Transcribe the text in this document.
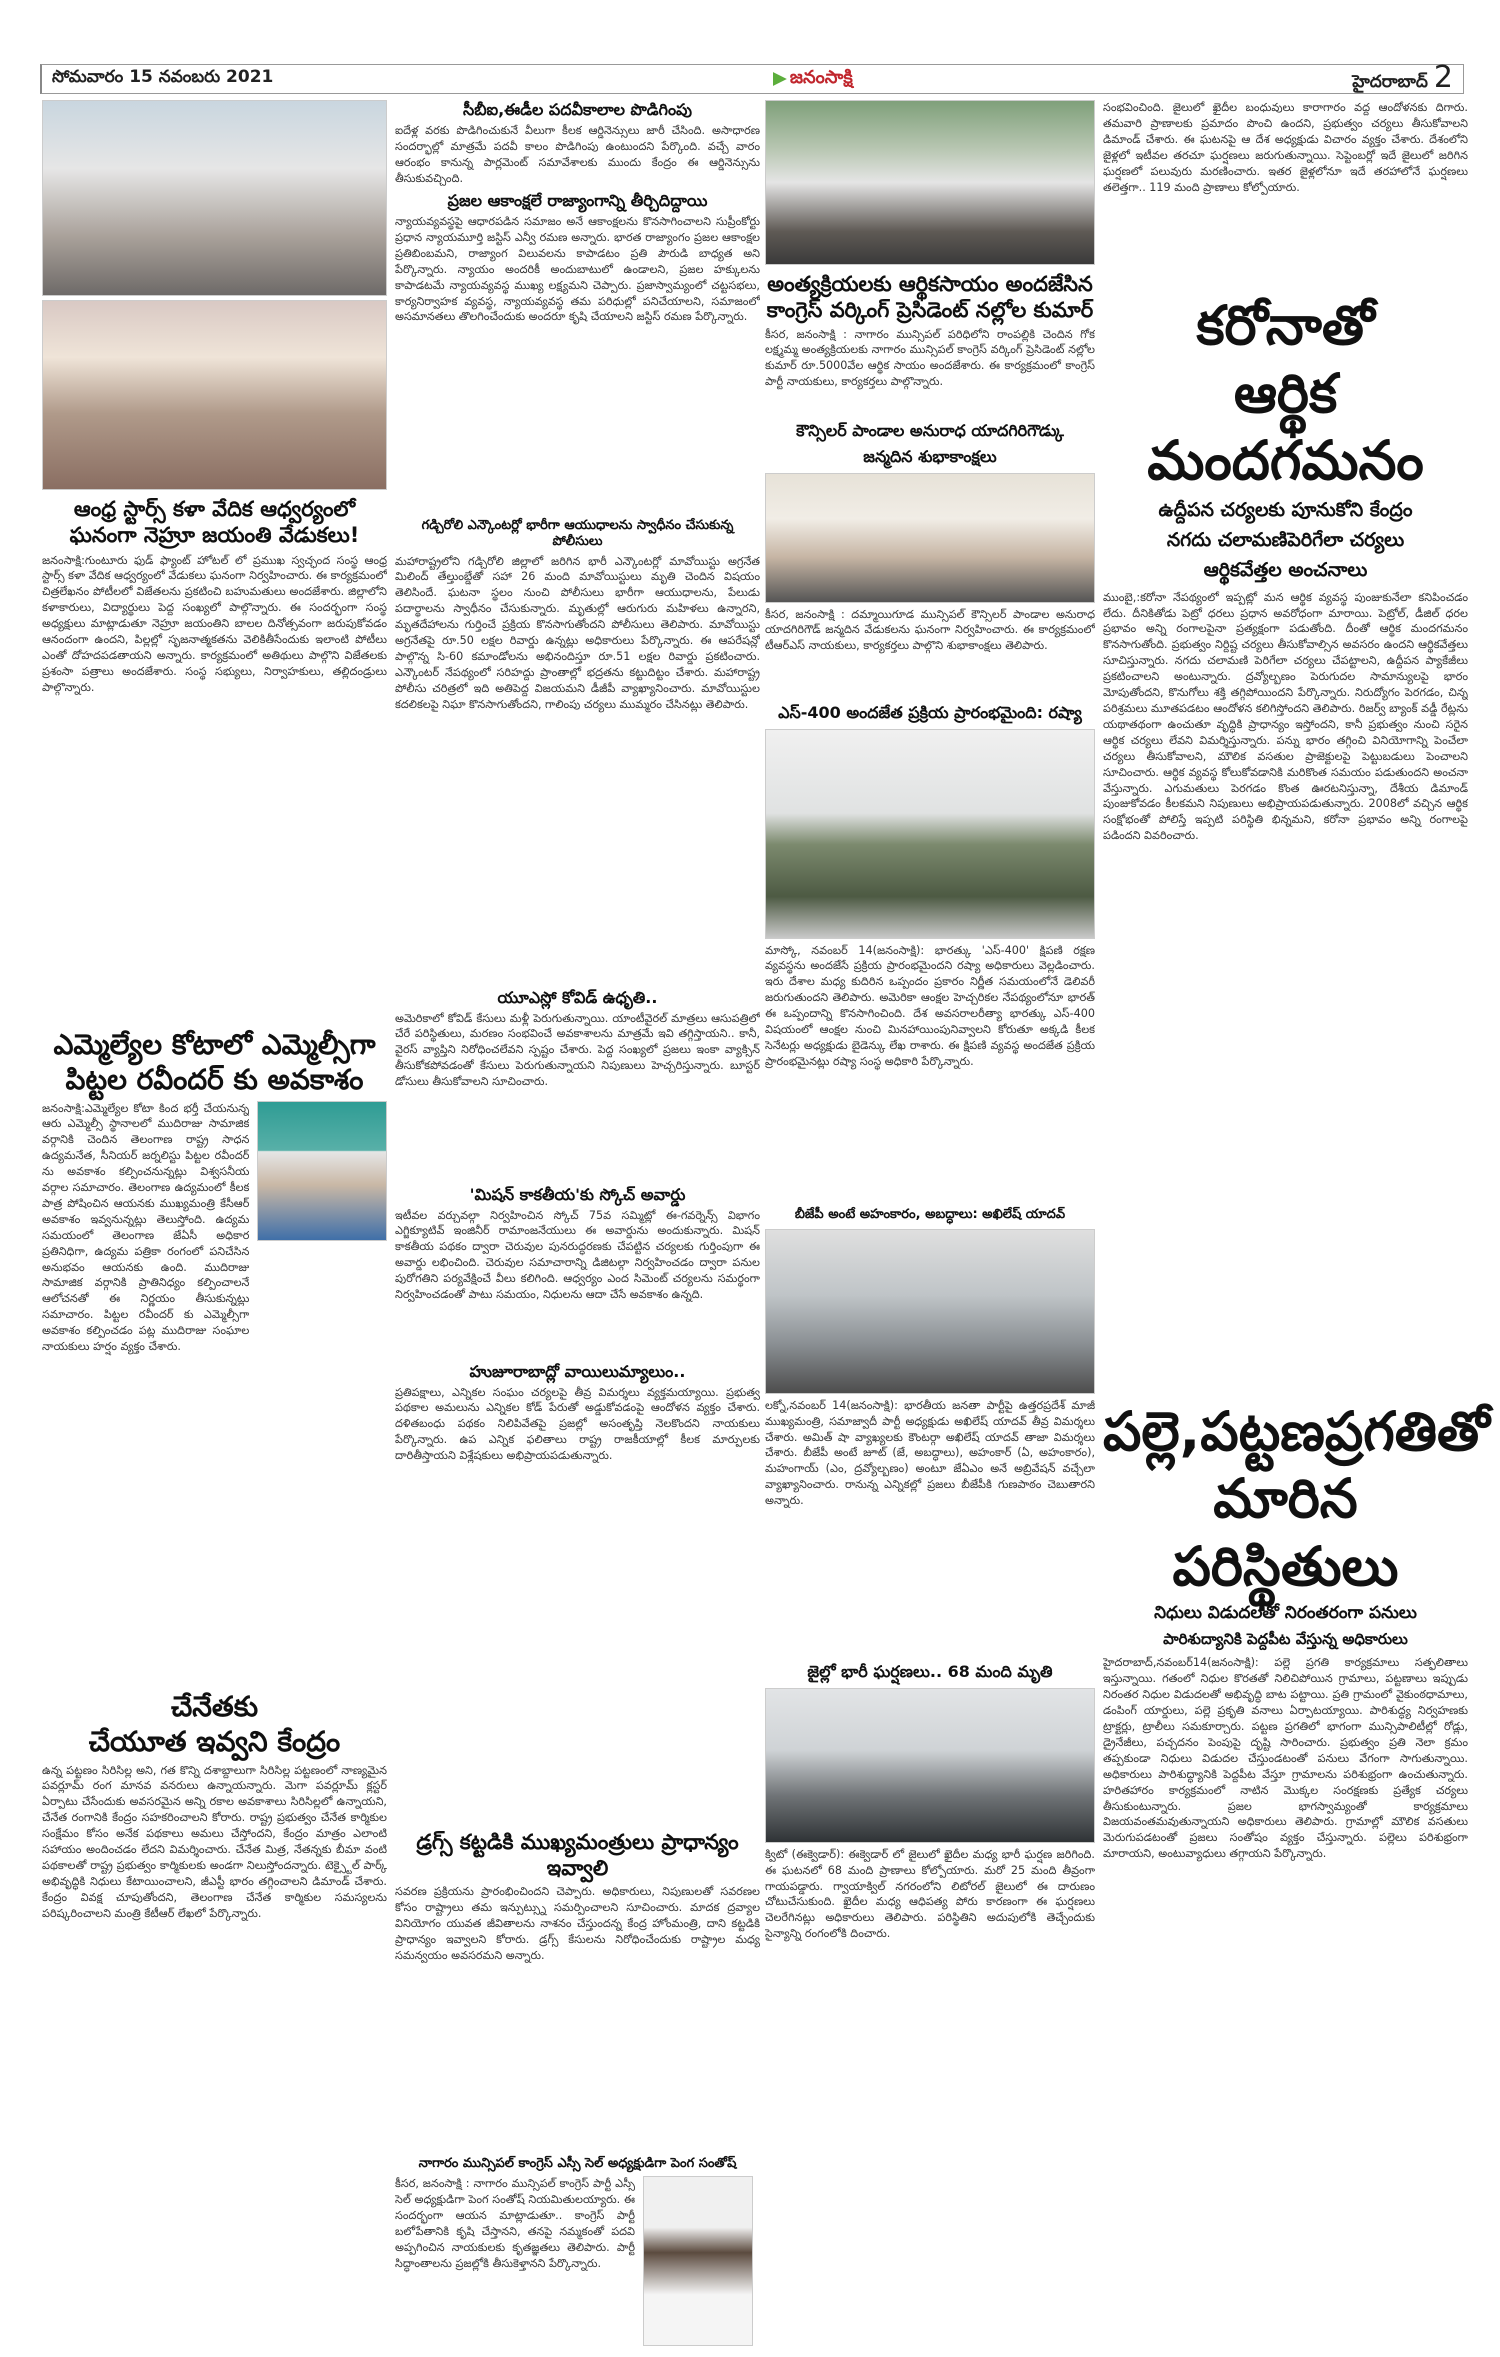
సోమవారం 15 నవంబరు 2021	జనంసాక్షి	హైదరాబాద్ 2
ఆంధ్ర స్టార్స్ కళా వేదిక ఆధ్వర్యంలో
ఘనంగా నెహ్రూ జయంతి వేడుకలు!
జనంసాక్షి:గుంటూరు ఫుడ్ ఫ్యాంట్ హోటల్ లో ప్రముఖ స్వచ్ఛంద సంస్థ ఆంధ్ర స్టార్స్ కళా వేదిక ఆధ్వర్యంలో వేడుకలు ఘనంగా నిర్వహించారు. ఈ కార్యక్రమంలో చిత్రలేఖనం పోటీలలో విజేతలను ప్రకటించి బహుమతులు అందజేశారు. జిల్లాలోని కళాకారులు, విద్యార్థులు పెద్ద సంఖ్యలో పాల్గొన్నారు. ఈ సందర్భంగా సంస్థ అధ్యక్షులు మాట్లాడుతూ నెహ్రూ జయంతిని బాలల దినోత్సవంగా జరుపుకోవడం ఆనందంగా ఉందని, పిల్లల్లో సృజనాత్మకతను వెలికితీసేందుకు ఇలాంటి పోటీలు ఎంతో దోహదపడతాయని అన్నారు. కార్యక్రమంలో అతిథులు పాల్గొని విజేతలకు ప్రశంసా పత్రాలు అందజేశారు. సంస్థ సభ్యులు, నిర్వాహకులు, తల్లిదండ్రులు పాల్గొన్నారు.
ఎమ్మెల్యేల కోటాలో ఎమ్మెల్సీగా
పిట్టల రవీందర్ కు అవకాశం
జనంసాక్షి:ఎమ్మెల్యేల కోటా కింద భర్తీ చేయనున్న ఆరు ఎమ్మెల్సీ స్థానాలలో ముదిరాజు సామాజిక వర్గానికి చెందిన తెలంగాణ రాష్ట్ర సాధన ఉద్యమనేత, సీనియర్ జర్నలిస్టు పిట్టల రవీందర్ ను అవకాశం కల్పించనున్నట్లు విశ్వసనీయ వర్గాల సమాచారం. తెలంగాణ ఉద్యమంలో కీలక పాత్ర పోషించిన ఆయనకు ముఖ్యమంత్రి కేసీఆర్ అవకాశం ఇవ్వనున్నట్లు తెలుస్తోంది. ఉద్యమ సమయంలో తెలంగాణ జేఏసీ అధికార ప్రతినిధిగా, ఉద్యమ పత్రికా రంగంలో పనిచేసిన అనుభవం ఆయనకు ఉంది. ముదిరాజు సామాజిక వర్గానికి ప్రాతినిధ్యం కల్పించాలనే ఆలోచనతో ఈ నిర్ణయం తీసుకున్నట్లు సమాచారం. పిట్టల రవీందర్ కు ఎమ్మెల్సీగా అవకాశం కల్పించడం పట్ల ముదిరాజు సంఘాల నాయకులు హర్షం వ్యక్తం చేశారు.
చేనేతకు
చేయూత ఇవ్వని కేంద్రం
ఉన్న పట్టణం సిరిసిల్ల అని, గత కొన్ని దశాబ్దాలుగా సిరిసిల్ల పట్టణంలో నాణ్యమైన పవర్లూమ్ రంగ మానవ వనరులు ఉన్నాయన్నారు. మెగా పవర్లూమ్ క్లస్టర్ ఏర్పాటు చేసేందుకు అవసరమైన అన్ని రకాల అవకాశాలు సిరిసిల్లలో ఉన్నాయని, చేనేత రంగానికి కేంద్రం సహకరించాలని కోరారు. రాష్ట్ర ప్రభుత్వం చేనేత కార్మికుల సంక్షేమం కోసం అనేక పథకాలు అమలు చేస్తోందని, కేంద్రం మాత్రం ఎలాంటి సహాయం అందించడం లేదని విమర్శించారు. చేనేత మిత్ర, నేతన్నకు బీమా వంటి పథకాలతో రాష్ట్ర ప్రభుత్వం కార్మికులకు అండగా నిలుస్తోందన్నారు. టెక్స్టైల్ పార్క్ అభివృద్ధికి నిధులు కేటాయించాలని, జీఎస్టీ భారం తగ్గించాలని డిమాండ్ చేశారు. కేంద్రం వివక్ష చూపుతోందని, తెలంగాణ చేనేత కార్మికుల సమస్యలను పరిష్కరించాలని మంత్రి కేటీఆర్ లేఖలో పేర్కొన్నారు.
సీబీఐ,ఈడీల పదవీకాలాల పొడిగింపు
ఐదేళ్ల వరకు పొడిగించుకునే వీలుగా కీలక ఆర్డినెన్సులు జారీ చేసింది. అసాధారణ సందర్భాల్లో మాత్రమే పదవీ కాలం పొడిగింపు ఉంటుందని పేర్కొంది. వచ్చే వారం ఆరంభం కానున్న పార్లమెంట్ సమావేశాలకు ముందు కేంద్రం ఈ ఆర్డినెన్సును తీసుకువచ్చింది.
ప్రజల ఆకాంక్షలే రాజ్యాంగాన్ని తీర్చిదిద్దాయి
న్యాయవ్యవస్థపై ఆధారపడిన సమాజం అనే ఆకాంక్షలను కొనసాగించాలని సుప్రీంకోర్టు ప్రధాన న్యాయమూర్తి జస్టిస్ ఎన్వీ రమణ అన్నారు. భారత రాజ్యాంగం ప్రజల ఆకాంక్షల ప్రతిబింబమని, రాజ్యాంగ విలువలను కాపాడటం ప్రతి పౌరుడి బాధ్యత అని పేర్కొన్నారు. న్యాయం అందరికీ అందుబాటులో ఉండాలని, ప్రజల హక్కులను కాపాడటమే న్యాయవ్యవస్థ ముఖ్య లక్ష్యమని చెప్పారు. ప్రజాస్వామ్యంలో చట్టసభలు, కార్యనిర్వాహక వ్యవస్థ, న్యాయవ్యవస్థ తమ పరిధుల్లో పనిచేయాలని, సమాజంలో అసమానతలు తొలగించేందుకు అందరూ కృషి చేయాలని జస్టిస్ రమణ పేర్కొన్నారు.
గడ్చిరోలి ఎన్కౌంటర్లో భారీగా ఆయుధాలను స్వాధీనం చేసుకున్న పోలీసులు
మహారాష్ట్రలోని గడ్చిరోలి జిల్లాలో జరిగిన భారీ ఎన్కౌంటర్లో మావోయిస్టు అగ్రనేత మిలింద్ తేల్తుంబ్డేతో సహా 26 మంది మావోయిస్టులు మృతి చెందిన విషయం తెలిసిందే. ఘటనా స్థలం నుంచి పోలీసులు భారీగా ఆయుధాలను, పేలుడు పదార్థాలను స్వాధీనం చేసుకున్నారు. మృతుల్లో ఆరుగురు మహిళలు ఉన్నారని, మృతదేహాలను గుర్తించే ప్రక్రియ కొనసాగుతోందని పోలీసులు తెలిపారు. మావోయిస్టు అగ్రనేతపై రూ.50 లక్షల రివార్డు ఉన్నట్లు అధికారులు పేర్కొన్నారు. ఈ ఆపరేషన్లో పాల్గొన్న సి-60 కమాండోలను అభినందిస్తూ రూ.51 లక్షల రివార్డు ప్రకటించారు. ఎన్కౌంటర్ నేపథ్యంలో సరిహద్దు ప్రాంతాల్లో భద్రతను కట్టుదిట్టం చేశారు. మహారాష్ట్ర పోలీసు చరిత్రలో ఇది అతిపెద్ద విజయమని డీజీపీ వ్యాఖ్యానించారు. మావోయిస్టుల కదలికలపై నిఘా కొనసాగుతోందని, గాలింపు చర్యలు ముమ్మరం చేసినట్లు తెలిపారు.
యూఎస్లో కోవిడ్ ఉధృతి..
అమెరికాలో కోవిడ్ కేసులు మళ్లీ పెరుగుతున్నాయి. యాంటీవైరల్ మాత్రలు ఆసుపత్రిలో చేరే పరిస్థితులు, మరణం సంభవించే అవకాశాలను మాత్రమే ఇవి తగ్గిస్తాయని.. కానీ, వైరస్ వ్యాప్తిని నిరోధించలేవని స్పష్టం చేశారు. పెద్ద సంఖ్యలో ప్రజలు ఇంకా వ్యాక్సిన్ తీసుకోకపోవడంతో కేసులు పెరుగుతున్నాయని నిపుణులు హెచ్చరిస్తున్నారు. బూస్టర్ డోసులు తీసుకోవాలని సూచించారు.
'మిషన్ కాకతీయ'కు స్కోచ్ అవార్డు
ఇటీవల వర్చువల్గా నిర్వహించిన స్కోచ్ 75వ సమ్మిట్లో ఈ-గవర్నెన్స్ విభాగం ఎగ్జిక్యూటివ్ ఇంజినీర్ రామాంజనేయులు ఈ అవార్డును అందుకున్నారు. మిషన్ కాకతీయ పథకం ద్వారా చెరువుల పునరుద్ధరణకు చేపట్టిన చర్యలకు గుర్తింపుగా ఈ అవార్డు లభించింది. చెరువుల సమాచారాన్ని డిజిటల్గా నిర్వహించడం ద్వారా పనుల పురోగతిని పర్యవేక్షించే వీలు కలిగింది. ఆధ్వర్యం ఎంద సిమెంట్ చర్యలను సమర్థంగా నిర్వహించడంతో పాటు సమయం, నిధులను ఆదా చేసే అవకాశం ఉన్నది.
హుజూరాబాద్లో వాయిలుమ్యాలుం..
ప్రతిపక్షాలు, ఎన్నికల సంఘం చర్యలపై తీవ్ర విమర్శలు వ్యక్తమయ్యాయి. ప్రభుత్వ పథకాల అమలును ఎన్నికల కోడ్ పేరుతో అడ్డుకోవడంపై ఆందోళన వ్యక్తం చేశారు. దళితబంధు పథకం నిలిపివేతపై ప్రజల్లో అసంతృప్తి నెలకొందని నాయకులు పేర్కొన్నారు. ఉప ఎన్నిక ఫలితాలు రాష్ట్ర రాజకీయాల్లో కీలక మార్పులకు దారితీస్తాయని విశ్లేషకులు అభిప్రాయపడుతున్నారు.
డ్రగ్స్ కట్టడికి ముఖ్యమంత్రులు ప్రాధాన్యం ఇవ్వాలి
సవరణ ప్రక్రియను ప్రారంభించిందని చెప్పారు. అధికారులు, నిపుణులతో సవరణల కోసం రాష్ట్రాలు తమ ఇన్పుట్స్ను సమర్పించాలని సూచించారు. మాదక ద్రవ్యాల వినియోగం యువత జీవితాలను నాశనం చేస్తుందన్న కేంద్ర హోంమంత్రి, దాని కట్టడికి ప్రాధాన్యం ఇవ్వాలని కోరారు. డ్రగ్స్ కేసులను నిరోధించేందుకు రాష్ట్రాల మధ్య సమన్వయం అవసరమని అన్నారు.
నాగారం మున్సిపల్ కాంగ్రెస్ ఎస్సీ సెల్ అధ్యక్షుడిగా పెంగ సంతోష్
కీసర, జనంసాక్షి : నాగారం మున్సిపల్ కాంగ్రెస్ పార్టీ ఎస్సీ సెల్ అధ్యక్షుడిగా పెంగ సంతోష్ నియమితులయ్యారు. ఈ సందర్భంగా ఆయన మాట్లాడుతూ.. కాంగ్రెస్ పార్టీ బలోపేతానికి కృషి చేస్తానని, తనపై నమ్మకంతో పదవి అప్పగించిన నాయకులకు కృతజ్ఞతలు తెలిపారు. పార్టీ సిద్ధాంతాలను ప్రజల్లోకి తీసుకెళ్తానని పేర్కొన్నారు.
అంత్యక్రియలకు ఆర్థికసాయం అందజేసిన
కాంగ్రెస్ వర్కింగ్ ప్రెసిడెంట్ నల్లోల కుమార్
కీసర, జనంసాక్షి : నాగారం మున్సిపల్ పరిధిలోని రాంపల్లికి చెందిన గోక లక్ష్మమ్మ అంత్యక్రియలకు నాగారం మున్సిపల్ కాంగ్రెస్ వర్కింగ్ ప్రెసిడెంట్ నల్లోల కుమార్ రూ.5000వేల ఆర్థిక సాయం అందజేశారు. ఈ కార్యక్రమంలో కాంగ్రెస్ పార్టీ నాయకులు, కార్యకర్తలు పాల్గొన్నారు.
కౌన్సిలర్ పాండాల అనురాధ యాదగిరిగౌడ్కు
జన్మదిన శుభాకాంక్షలు
కీసర, జనంసాక్షి : దమ్మాయిగూడ మున్సిపల్ కౌన్సిలర్ పాండాల అనురాధ యాదగిరిగౌడ్ జన్మదిన వేడుకలను ఘనంగా నిర్వహించారు. ఈ కార్యక్రమంలో టీఆర్ఎస్ నాయకులు, కార్యకర్తలు పాల్గొని శుభాకాంక్షలు తెలిపారు.
ఎస్-400 అందజేత ప్రక్రియ ప్రారంభమైంది: రష్యా
మాస్కో, నవంబర్ 14(జనంసాక్షి): భారత్కు 'ఎస్-400' క్షిపణి రక్షణ వ్యవస్థను అందజేసే ప్రక్రియ ప్రారంభమైందని రష్యా అధికారులు వెల్లడించారు. ఇరు దేశాల మధ్య కుదిరిన ఒప్పందం ప్రకారం నిర్ణీత సమయంలోనే డెలివరీ జరుగుతుందని తెలిపారు. అమెరికా ఆంక్షల హెచ్చరికల నేపథ్యంలోనూ భారత్ ఈ ఒప్పందాన్ని కొనసాగించింది. దేశ అవసరాలరీత్యా భారత్కు ఎస్-400 విషయంలో ఆంక్షల నుంచి మినహాయింపునివ్వాలని కోరుతూ అక్కడి కీలక సెనేటర్లు అధ్యక్షుడు బైడెన్కు లేఖ రాశారు. ఈ క్షిపణి వ్యవస్థ అందజేత ప్రక్రియ ప్రారంభమైనట్లు రష్యా సంస్థ అధికారి పేర్కొన్నారు.
బీజేపీ అంటే అహంకారం, అబద్ధాలు: అఖిలేష్ యాదవ్
లక్నో,నవంబర్ 14(జనంసాక్షి): భారతీయ జనతా పార్టీపై ఉత్తరప్రదేశ్ మాజీ ముఖ్యమంత్రి, సమాజ్వాదీ పార్టీ అధ్యక్షుడు అఖిలేష్ యాదవ్ తీవ్ర విమర్శలు చేశారు. అమిత్ షా వ్యాఖ్యలకు కౌంటర్గా అఖిలేష్ యాదవ్ తాజా విమర్శలు చేశారు. బీజేపీ అంటే జూట్ (జే, అబద్ధాలు), అహంకార్ (ఏ, అహంకారం), మహంగాయ్ (ఎం, ద్రవ్యోల్బణం) అంటూ జేఏఎం అనే అబ్రివేషన్ వచ్చేలా వ్యాఖ్యానించారు. రానున్న ఎన్నికల్లో ప్రజలు బీజేపీకి గుణపాఠం చెబుతారని అన్నారు.
జైల్లో భారీ ఘర్షణలు.. 68 మంది మృతి
క్విటో (ఈక్వెడార్): ఈక్వెడార్ లో జైలులో ఖైదీల మధ్య భారీ ఘర్షణ జరిగింది. ఈ ఘటనలో 68 మంది ప్రాణాలు కోల్పోయారు. మరో 25 మంది తీవ్రంగా గాయపడ్డారు. గ్వాయాక్విల్ నగరంలోని లిటోరల్ జైలులో ఈ దారుణం చోటుచేసుకుంది. ఖైదీల మధ్య ఆధిపత్య పోరు కారణంగా ఈ ఘర్షణలు చెలరేగినట్లు అధికారులు తెలిపారు. పరిస్థితిని అదుపులోకి తెచ్చేందుకు సైన్యాన్ని రంగంలోకి దించారు.
సంభవించింది. జైలులో ఖైదీల బంధువులు కారాగారం వద్ద ఆందోళనకు దిగారు. తమవారి ప్రాణాలకు ప్రమాదం పొంచి ఉందని, ప్రభుత్వం చర్యలు తీసుకోవాలని డిమాండ్ చేశారు. ఈ ఘటనపై ఆ దేశ అధ్యక్షుడు విచారం వ్యక్తం చేశారు. దేశంలోని జైళ్లలో ఇటీవల తరచూ ఘర్షణలు జరుగుతున్నాయి. సెప్టెంబర్లో ఇదే జైలులో జరిగిన ఘర్షణలో పలువురు మరణించారు. ఇతర జైళ్లలోనూ ఇదే తరహాలోనే ఘర్షణలు తలెత్తగా.. 119 మంది ప్రాణాలు కోల్పోయారు.
కరోనాతో
ఆర్థిక మందగమనం
ఉద్దీపన చర్యలకు పూనుకోని కేంద్రం
నగదు చలామణిపెరిగేలా చర్యలు
ఆర్థికవేత్తల అంచనాలు
ముంబై,:కరోనా నేపథ్యంలో ఇప్పట్లో మన ఆర్థిక వ్యవస్థ పుంజుకునేలా కనిపించడం లేదు. దీనికితోడు పెట్రో ధరలు ప్రధాన అవరోధంగా మారాయి. పెట్రోల్, డీజిల్ ధరల ప్రభావం అన్ని రంగాలపైనా ప్రత్యక్షంగా పడుతోంది. దీంతో ఆర్థిక మందగమనం కొనసాగుతోంది. ప్రభుత్వం నిర్దిష్ట చర్యలు తీసుకోవాల్సిన అవసరం ఉందని ఆర్థికవేత్తలు సూచిస్తున్నారు. నగదు చలామణి పెరిగేలా చర్యలు చేపట్టాలని, ఉద్దీపన ప్యాకేజీలు ప్రకటించాలని అంటున్నారు. ద్రవ్యోల్బణం పెరుగుదల సామాన్యులపై భారం మోపుతోందని, కొనుగోలు శక్తి తగ్గిపోయిందని పేర్కొన్నారు. నిరుద్యోగం పెరగడం, చిన్న పరిశ్రమలు మూతపడటం ఆందోళన కలిగిస్తోందని తెలిపారు. రిజర్వ్ బ్యాంక్ వడ్డీ రేట్లను యథాతథంగా ఉంచుతూ వృద్ధికి ప్రాధాన్యం ఇస్తోందని, కానీ ప్రభుత్వం నుంచి సరైన ఆర్థిక చర్యలు లేవని విమర్శిస్తున్నారు. పన్ను భారం తగ్గించి వినియోగాన్ని పెంచేలా చర్యలు తీసుకోవాలని, మౌలిక వసతుల ప్రాజెక్టులపై పెట్టుబడులు పెంచాలని సూచించారు. ఆర్థిక వ్యవస్థ కోలుకోవడానికి మరికొంత సమయం పడుతుందని అంచనా వేస్తున్నారు. ఎగుమతులు పెరగడం కొంత ఊరటనిస్తున్నా, దేశీయ డిమాండ్ పుంజుకోవడం కీలకమని నిపుణులు అభిప్రాయపడుతున్నారు. 2008లో వచ్చిన ఆర్థిక సంక్షోభంతో పోలిస్తే ఇప్పటి పరిస్థితి భిన్నమని, కరోనా ప్రభావం అన్ని రంగాలపై పడిందని వివరించారు.
పల్లె,పట్టణప్రగతితో
మారిన పరిస్థితులు
నిధులు విడుదలతో నిరంతరంగా పనులు
పారిశుద్యానికి పెద్దపీట వేస్తున్న అధికారులు
హైదరాబాద్,నవంబర్14(జనంసాక్షి): పల్లె ప్రగతి కార్యక్రమాలు సత్ఫలితాలు ఇస్తున్నాయి. గతంలో నిధుల కొరతతో నిలిచిపోయిన గ్రామాలు, పట్టణాలు ఇప్పుడు నిరంతర నిధుల విడుదలతో అభివృద్ధి బాట పట్టాయి. ప్రతి గ్రామంలో వైకుంఠధామాలు, డంపింగ్ యార్డులు, పల్లె ప్రకృతి వనాలు ఏర్పాటయ్యాయి. పారిశుద్ధ్య నిర్వహణకు ట్రాక్టర్లు, ట్రాలీలు సమకూర్చారు. పట్టణ ప్రగతిలో భాగంగా మున్సిపాలిటీల్లో రోడ్లు, డ్రైనేజీలు, పచ్చదనం పెంపుపై దృష్టి సారించారు. ప్రభుత్వం ప్రతి నెలా క్రమం తప్పకుండా నిధులు విడుదల చేస్తుండటంతో పనులు వేగంగా సాగుతున్నాయి. అధికారులు పారిశుద్ధ్యానికి పెద్దపీట వేస్తూ గ్రామాలను పరిశుభ్రంగా ఉంచుతున్నారు. హరితహారం కార్యక్రమంలో నాటిన మొక్కల సంరక్షణకు ప్రత్యేక చర్యలు తీసుకుంటున్నారు. ప్రజల భాగస్వామ్యంతో కార్యక్రమాలు విజయవంతమవుతున్నాయని అధికారులు తెలిపారు. గ్రామాల్లో మౌలిక వసతులు మెరుగుపడటంతో ప్రజలు సంతోషం వ్యక్తం చేస్తున్నారు. పల్లెలు పరిశుభ్రంగా మారాయని, అంటువ్యాధులు తగ్గాయని పేర్కొన్నారు.
